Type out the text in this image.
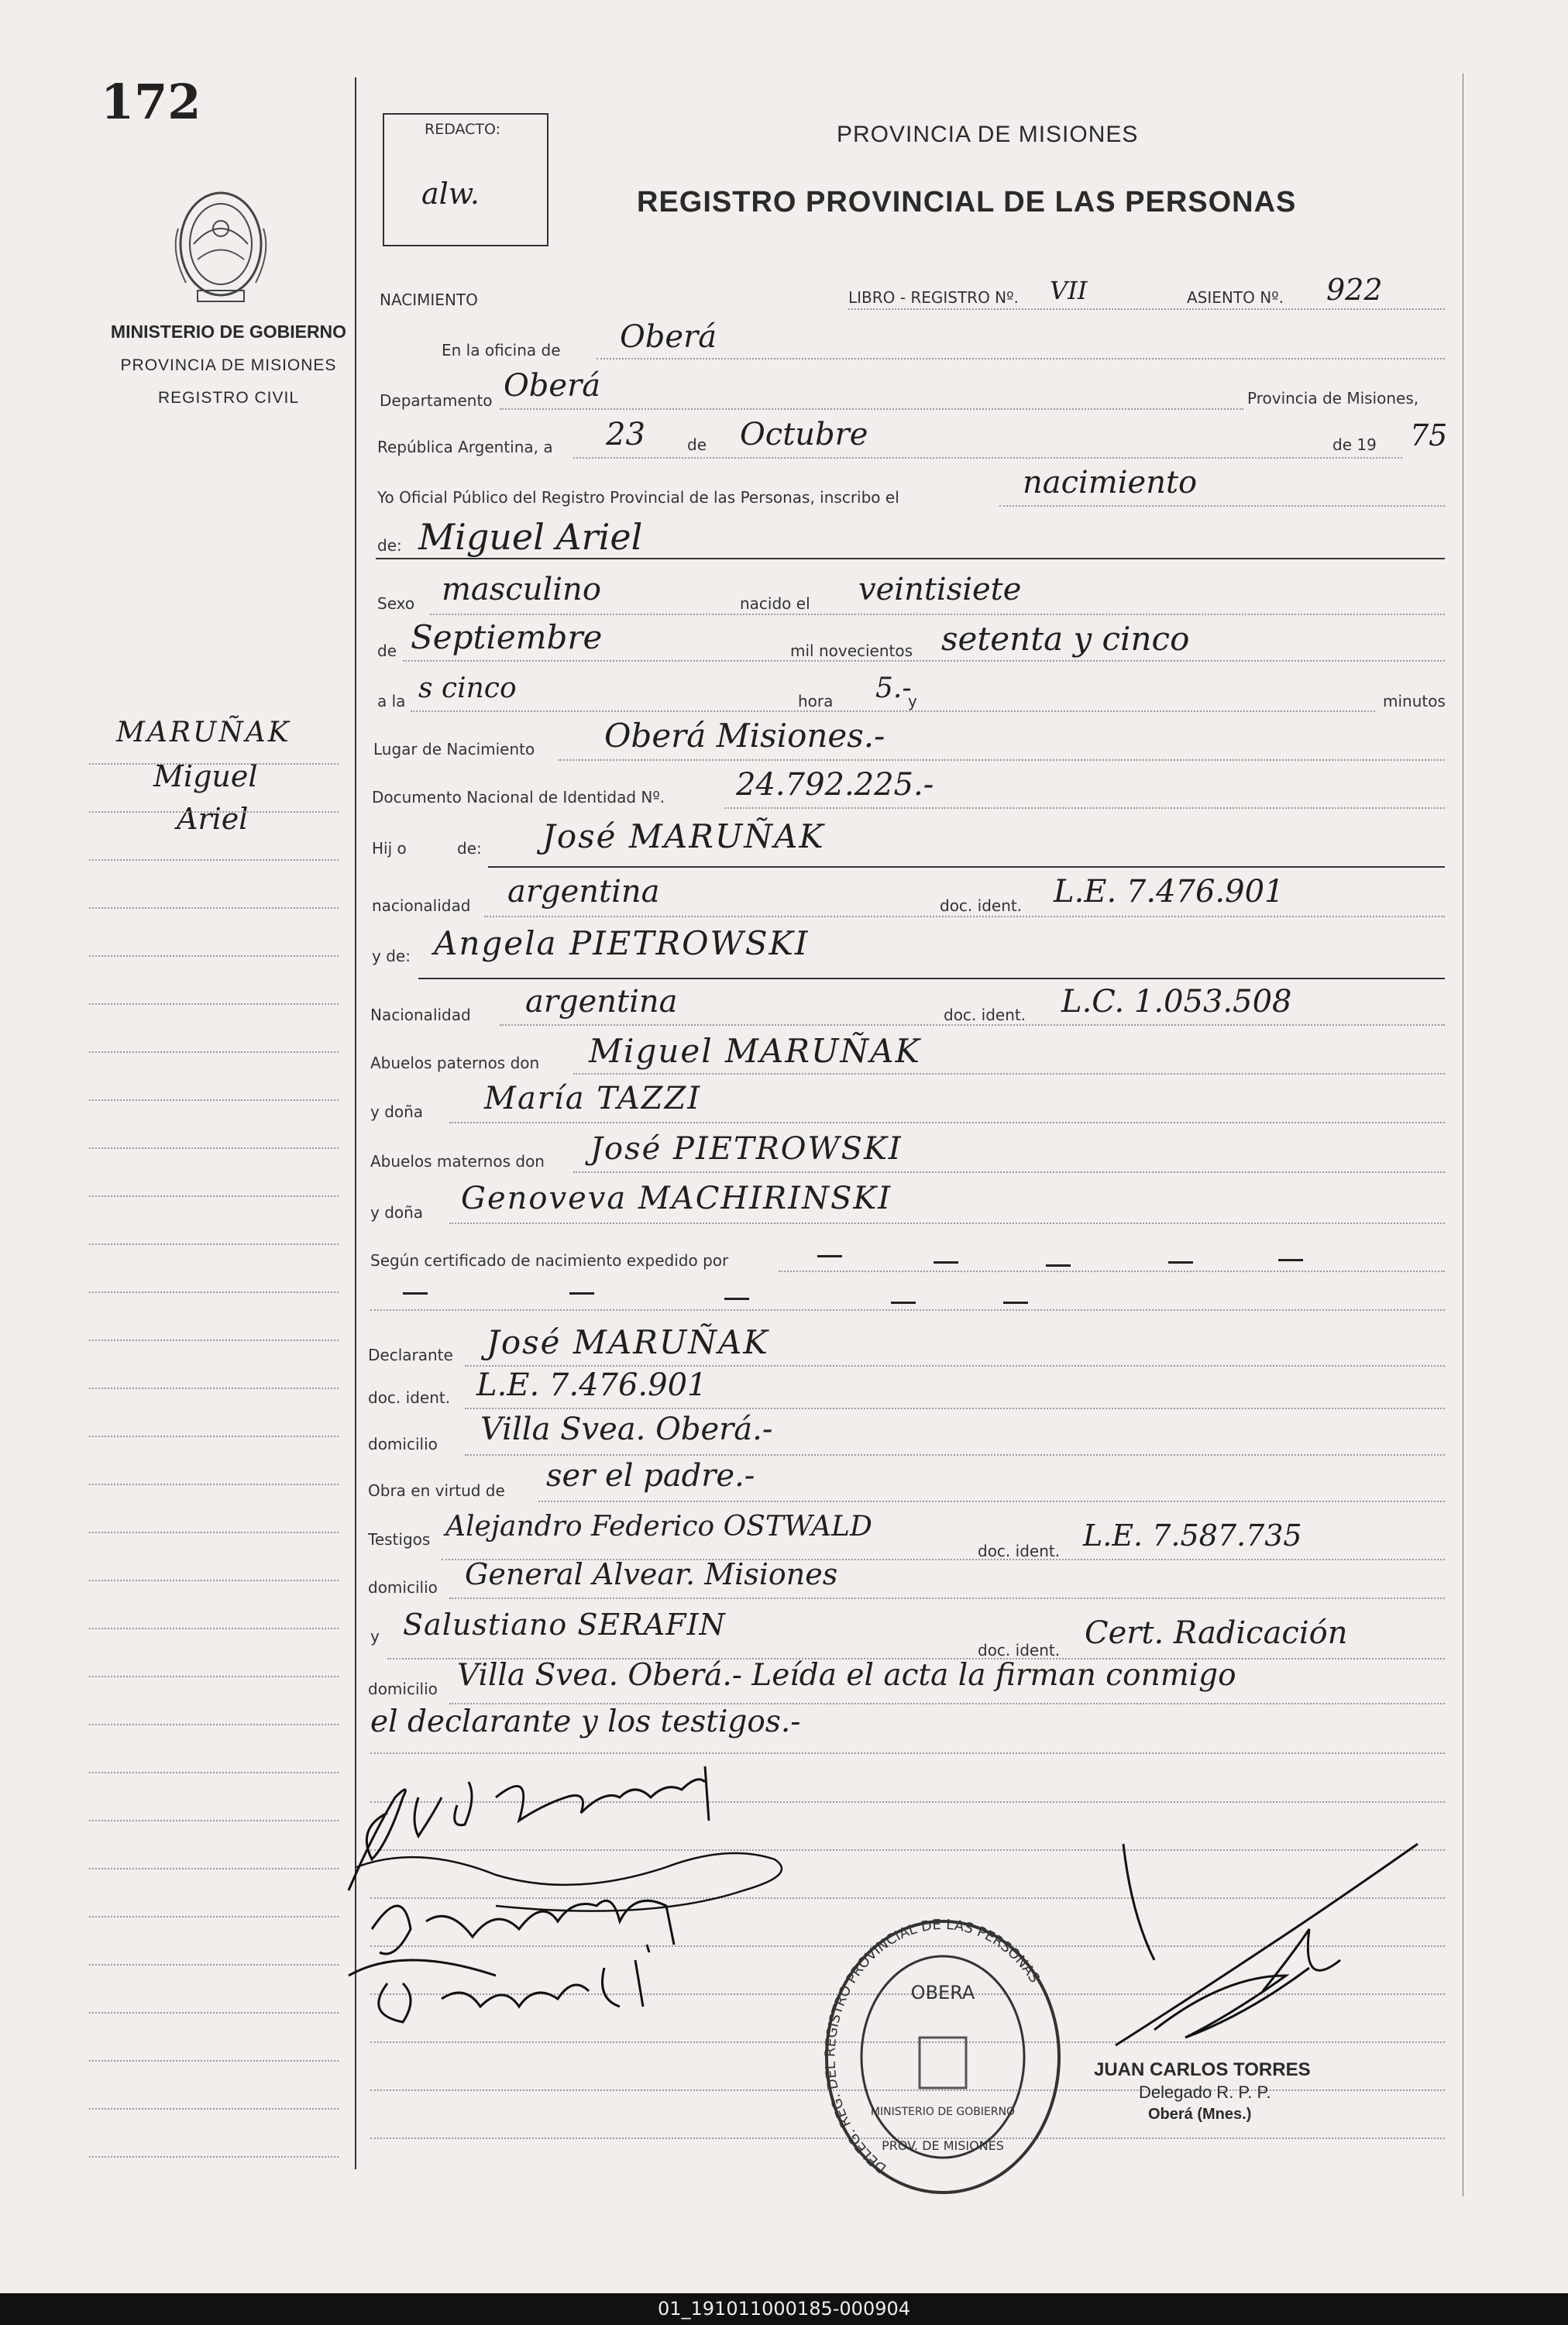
172
MINISTERIO DE GOBIERNO
PROVINCIA DE MISIONES
REGISTRO CIVIL
MARUÑAK
Miguel
Ariel
REDACTO:
alw.
PROVINCIA DE MISIONES
REGISTRO PROVINCIAL DE LAS PERSONAS
NACIMIENTO	LIBRO - REGISTRO Nº. VII	ASIENTO Nº. 922
En la oficina de Oberá
Departamento Oberá	Provincia de Misiones,
República Argentina, a 23	de Octubre	de 19 75
Yo Oficial Público del Registro Provincial de las Personas, inscribo el	nacimiento
de: Miguel Ariel
Sexo masculino	nacido el veintisiete
de Septiembre	mil novecientos setenta y cinco
a la s cinco	hora 5.-
y	minutos
Lugar de Nacimiento Oberá Misiones.-
Documento Nacional de Identidad Nº. 24.792.225.-
Hij o	de: José MARUÑAK
nacionalidad argentina	doc. ident. L.E. 7.476.901
y de: Angela PIETROWSKI
Nacionalidad argentina	doc. ident. L.C. 1.053.508
Abuelos paternos don Miguel MARUÑAK
y doña María TAZZI
Abuelos maternos don José PIETROWSKI
y doña Genoveva MACHIRINSKI
Según certificado de nacimiento expedido por
Declarante José MARUÑAK
doc. ident. L.E. 7.476.901
domicilio Villa Svea. Oberá.-
Obra en virtud de ser el padre.-
Testigos Alejandro Federico OSTWALD
doc. ident. L.E. 7.587.735
domicilio General Alvear. Misiones
y Salustiano SERAFIN
doc. ident. Cert. Radicación
domicilio Villa Svea. Oberá.- Leída el acta la firman conmigo
el declarante y los testigos.-
DELEG. REG. DEL REGISTRO PROVINCIAL DE LAS PERSONAS
OBERA
PROV. DE MISIONES
MINISTERIO DE GOBIERNO
JUAN CARLOS TORRES
Delegado R. P. P.
Oberá (Mnes.)
01_191011000185-000904
